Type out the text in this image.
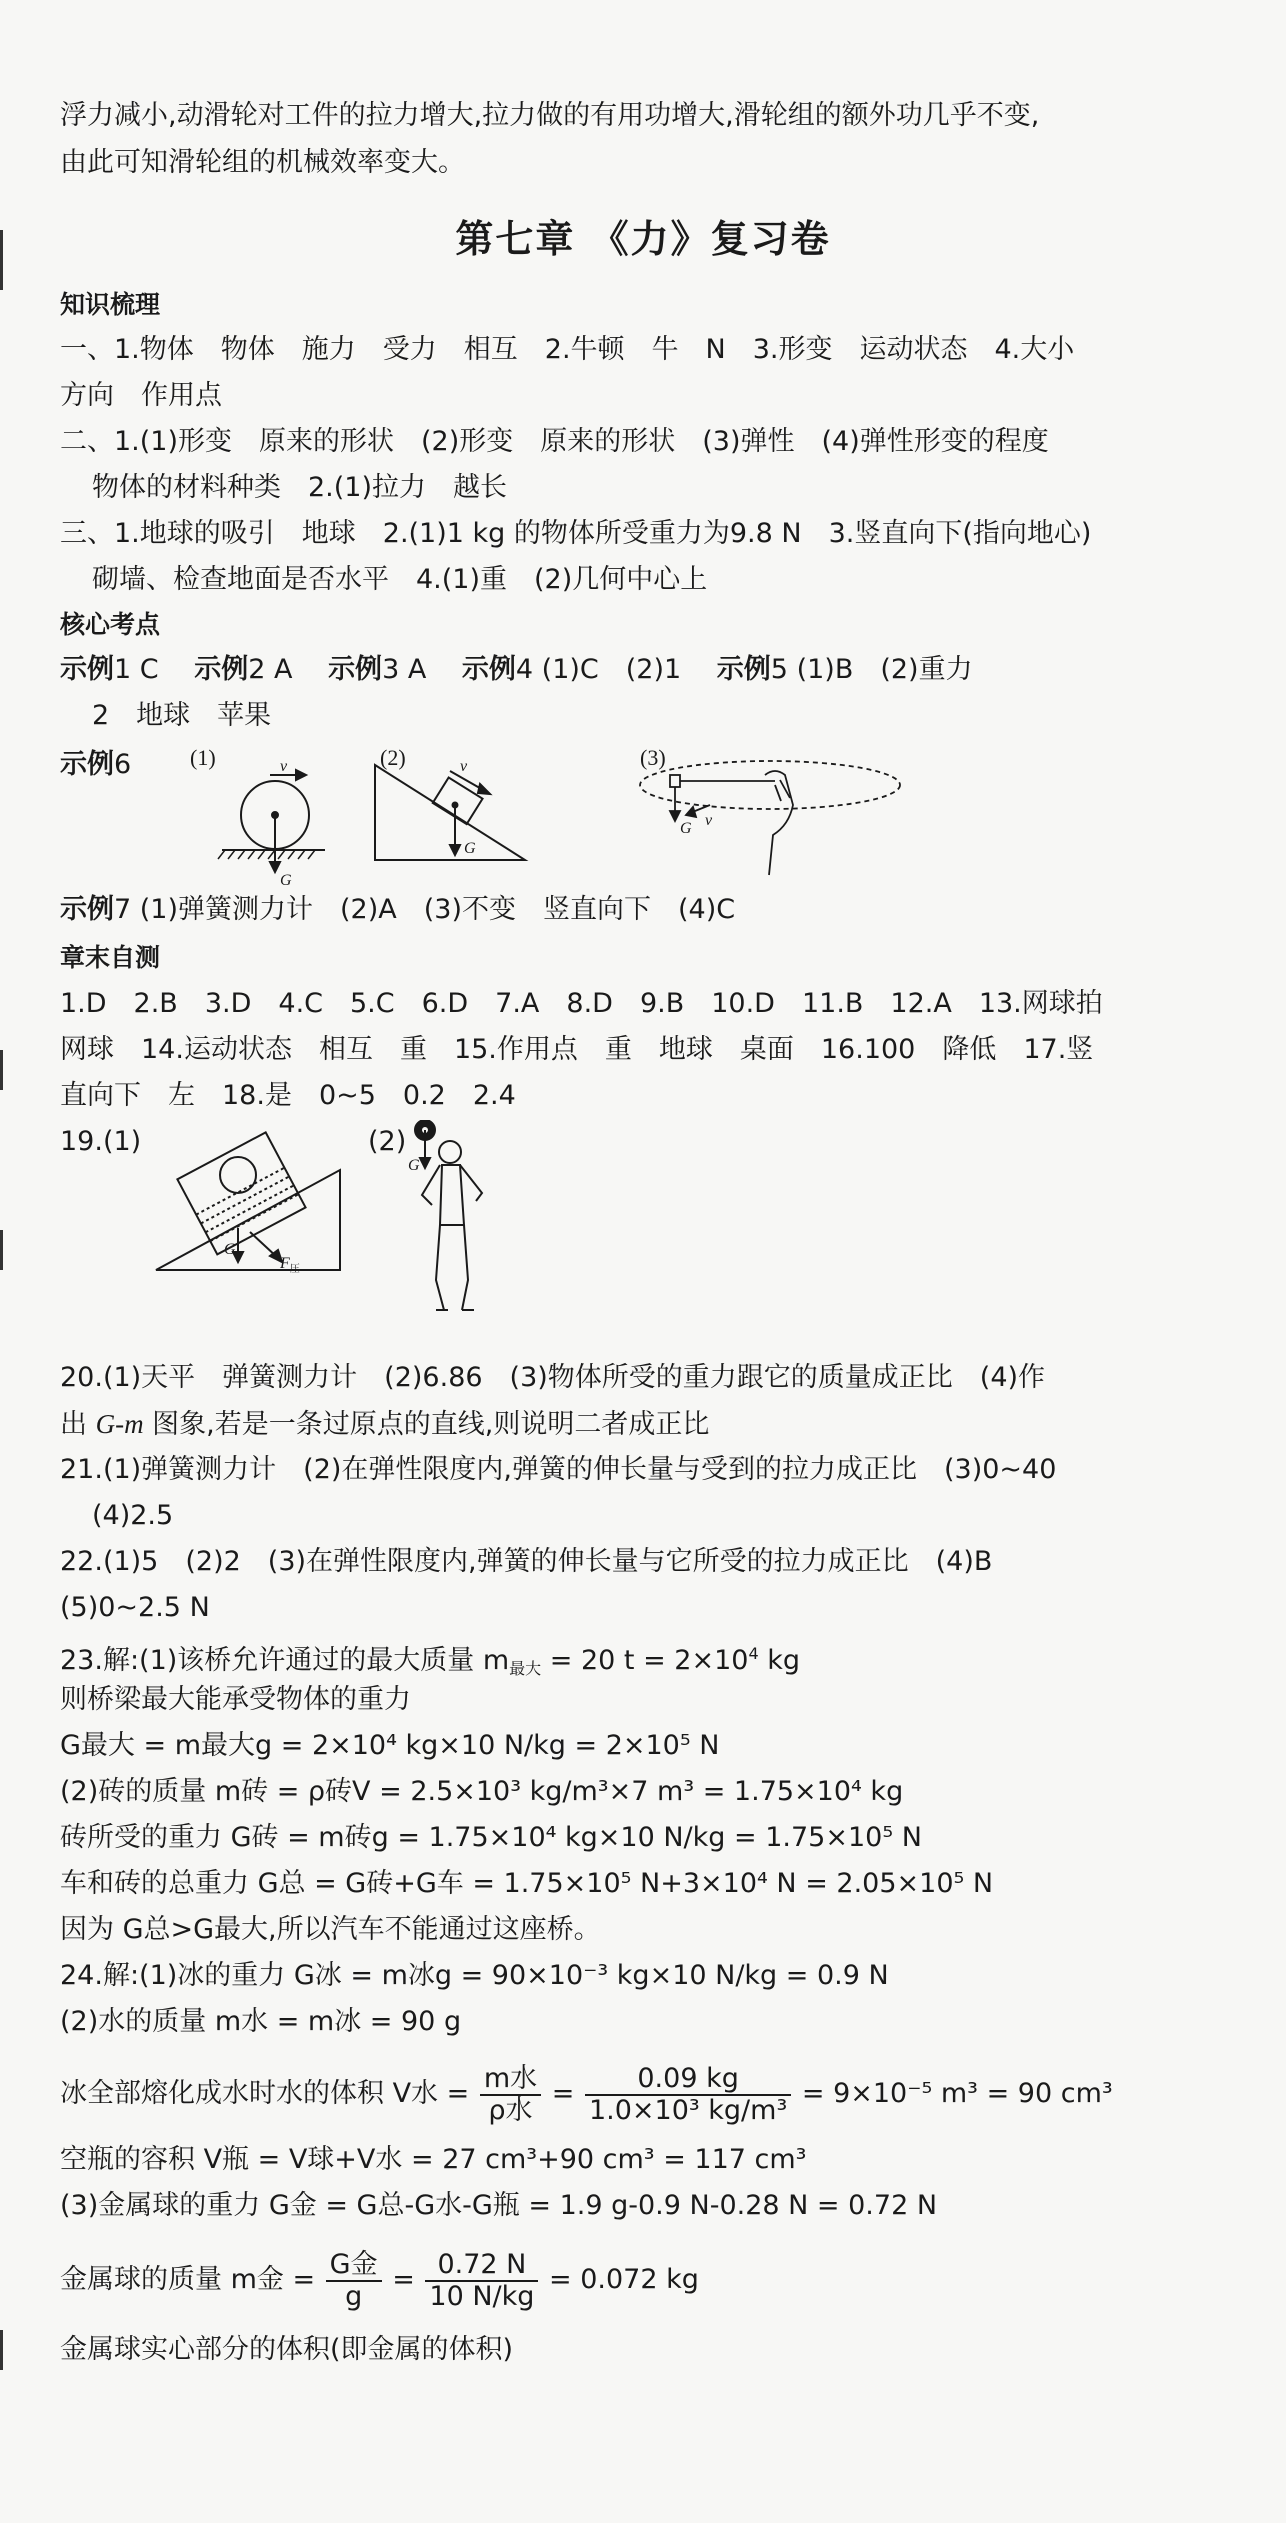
浮力减小,动滑轮对工件的拉力增大,拉力做的有用功增大,滑轮组的额外功几乎不变,
由此可知滑轮组的机械效率变大。
第七章 《力》复习卷
知识梳理
一、1.物体　物体　施力　受力　相互　2.牛顿　牛　N　3.形变　运动状态　4.大小
方向　作用点
二、1.(1)形变　原来的形状　(2)形变　原来的形状　(3)弹性　(4)弹性形变的程度
物体的材料种类　2.(1)拉力　越长
三、1.地球的吸引　地球　2.(1)1 kg 的物体所受重力为9.8 N　3.竖直向下(指向地心)
砌墙、检查地面是否水平　4.(1)重　(2)几何中心上
核心考点
示例1 C　 示例2 A　 示例3 A　 示例4 (1)C　(2)1　 示例5 (1)B　(2)重力
2　地球　苹果
示例6	(1)	(2)	(3)
v
G
v
G
G v
示例7 (1)弹簧测力计　(2)A　(3)不变　竖直向下　(4)C
章末自测
1.D　2.B　3.D　4.C　5.C　6.D　7.A　8.D　9.B　10.D　11.B　12.A　13.网球拍
网球　14.运动状态　相互　重　15.作用点　重　地球　桌面　16.100　降低　17.竖
直向下　左　18.是　0~5　0.2　2.4
19.(1)	(2)
G
$F_压$
G
20.(1)天平　弹簧测力计　(2)6.86　(3)物体所受的重力跟它的质量成正比　(4)作
出 G-m 图象,若是一条过原点的直线,则说明二者成正比
21.(1)弹簧测力计　(2)在弹性限度内,弹簧的伸长量与受到的拉力成正比　(3)0~40
(4)2.5
22.(1)5　(2)2　(3)在弹性限度内,弹簧的伸长量与它所受的拉力成正比　(4)B
(5)0~2.5 N
23.解:(1)该桥允许通过的最大质量 $m_{最大} = 20$ $t = 2\times 10^4$ kg
则桥梁最大能承受物体的重力
G最大 = m最大g = 2×10⁴ kg×10 N/kg = 2×10⁵ N
(2)砖的质量 m砖 = ρ砖V = 2.5×10³ kg/m³×7 m³ = 1.75×10⁴ kg
砖所受的重力 G砖 = m砖g = 1.75×10⁴ kg×10 N/kg = 1.75×10⁵ N
车和砖的总重力 G总 = G砖+G车 = 1.75×10⁵ N+3×10⁴ N = 2.05×10⁵ N
因为 G总>G最大,所以汽车不能通过这座桥。
24.解:(1)冰的重力 G冰 = m冰g = 90×10⁻³ kg×10 N/kg = 0.9 N
(2)水的质量 m水 = m冰 = 90 g
冰全部熔化成水时水的体积 V水 = $\frac{\text{m水}}{\text{ρ水}} = \frac{0.09 kg}{\text{1.0×10³ kg/m³}} = 9\times 10^{-5}$ m³ = 90 cm³
空瓶的容积 V瓶 = V球+V水 = 27 cm³+90 cm³ = 117 cm³
(3)金属球的重力 G金 = G总-G水-G瓶 = 1.9 g-0.9 N-0.28 N = 0.72 N
金属球的质量 m金 = $\frac{\text{G金}}{g} = \frac{0.72 N}{10 N/kg} = 0.072$ kg
金属球实心部分的体积(即金属的体积)
